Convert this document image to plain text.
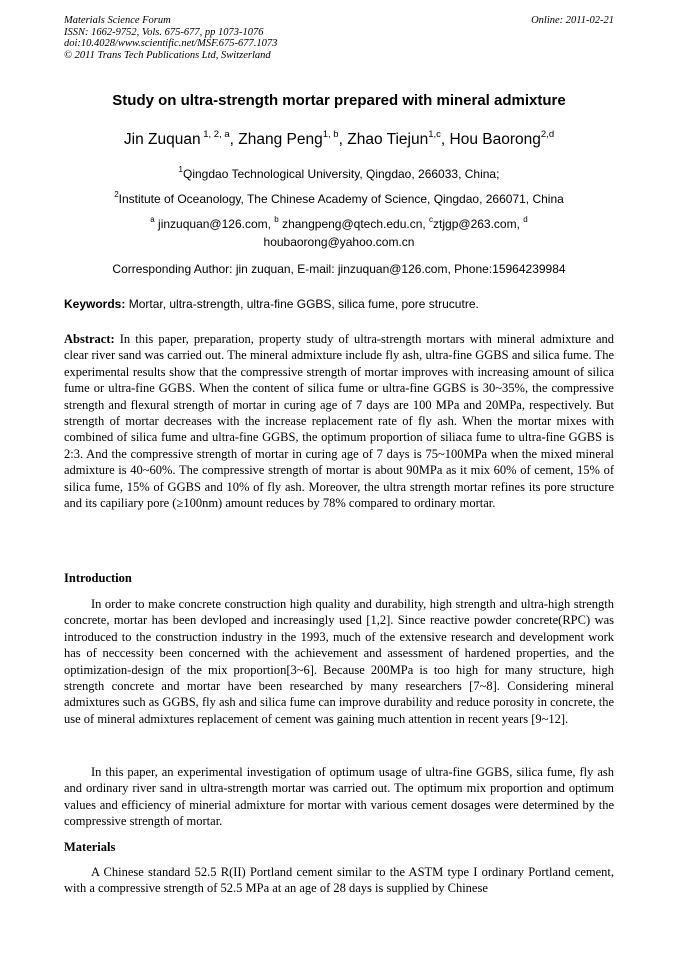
Materials Science Forum
ISSN: 1662-9752, Vols. 675-677, pp 1073-1076
doi:10.4028/www.scientific.net/MSF.675-677.1073
© 2011 Trans Tech Publications Ltd, Switzerland
Online: 2011-02-21
Study on ultra-strength mortar prepared with mineral admixture
Jin Zuquan $^{1, 2, a}$, Zhang Peng$^{1, b}$, Zhao Tiejun$^{1,c}$, Hou Baorong$^{2,d}$
$^1$Qingdao Technological University, Qingdao, 266033, China;
$^2$Institute of Oceanology, The Chinese Academy of Science, Qingdao, 266071, China
$^a$ jinzuquan@126.com, $^b$ zhangpeng@qtech.edu.cn, $^c$ztjgp@263.com, $^d$
houbaorong@yahoo.com.cn
Corresponding Author: jin zuquan, E-mail: jinzuquan@126.com, Phone:15964239984
Keywords: Mortar, ultra-strength, ultra-fine GGBS, silica fume, pore strucutre.

Abstract: In this paper, preparation, property study of ultra-strength mortars with mineral admixture and clear river sand was carried out. The mineral admixture include fly ash, ultra-fine GGBS and silica fume. The experimental results show that the compressive strength of mortar improves with increasing amount of silica fume or ultra-fine GGBS. When the content of silica fume or ultra-fine GGBS is 30~35%, the compressive strength and flexural strength of mortar in curing age of 7 days are 100 MPa and 20MPa, respectively. But strength of mortar decreases with the increase replacement rate of fly ash. When the mortar mixes with combined of silica fume and ultra-fine GGBS, the optimum proportion of siliaca fume to ultra-fine GGBS is 2:3. And the compressive strength of mortar in curing age of 7 days is 75~100MPa when the mixed mineral admixture is 40~60%. The compressive strength of mortar is about 90MPa as it mix 60% of cement, 15% of silica fume, 15% of GGBS and 10% of fly ash. Moreover, the ultra strength mortar refines its pore structure and its capiliary pore (≥100nm) amount reduces by 78% compared to ordinary mortar.

Introduction

In order to make concrete construction high quality and durability, high strength and ultra-high strength concrete, mortar has been devloped and increasingly used [1,2]. Since reactive powder concrete(RPC) was introduced to the construction industry in the 1993, much of the extensive research and development work has of neccessity been concerned with the achievement and assessment of hardened properties, and the optimization-design of the mix proportion[3~6]. Because 200MPa is too high for many structure, high strength concrete and mortar have been researched by many researchers [7~8]. Considering mineral admixtures such as GGBS, fly ash and silica fume can improve durability and reduce porosity in concrete, the use of mineral admixtures replacement of cement was gaining much attention in recent years [9~12].

In this paper, an experimental investigation of optimum usage of ultra-fine GGBS, silica fume, fly ash and ordinary river sand in ultra-strength mortar was carried out. The optimum mix proportion and optimum values and efficiency of minerial admixture for mortar with various cement dosages were determined by the compressive strength of mortar.

Materials

A Chinese standard 52.5 R(II) Portland cement similar to the ASTM type I ordinary Portland cement, with a compressive strength of 52.5 MPa at an age of 28 days is supplied by Chinese
